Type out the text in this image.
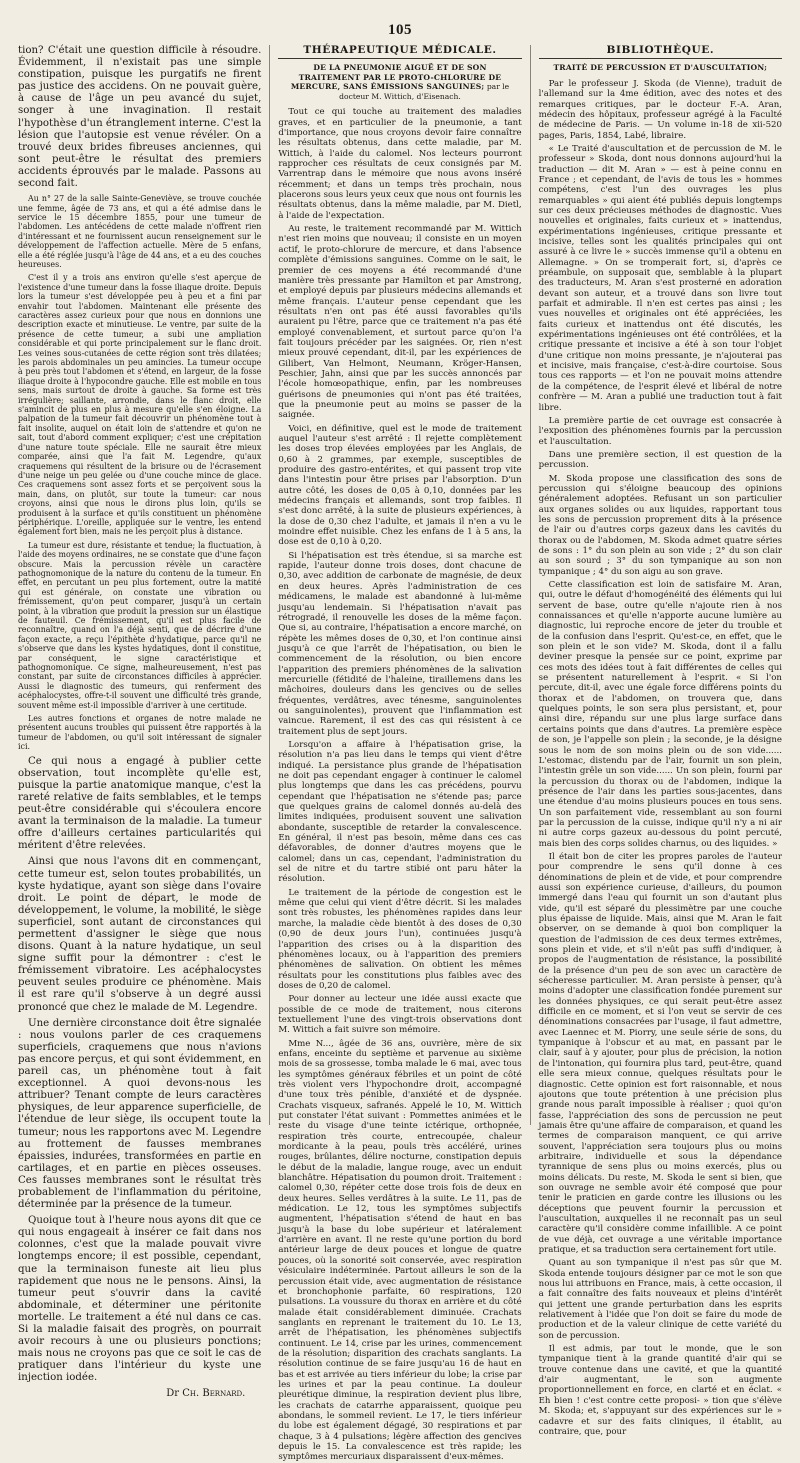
105

tion? C'était une question difficile à résoudre. Évidemment, il n'existait pas une simple constipation, puisque les purgatifs ne firent pas justice des accidens. On ne pouvait guère, à cause de l'âge un peu avancé du sujet, songer à une invagination. Il restait l'hypothèse d'un étranglement interne. C'est la lésion que l'autopsie est venue révéler. On a trouvé deux brides fibreuses anciennes, qui sont peut-être le résultat des premiers accidents éprouvés par le malade. Passons au second fait.

Au n° 27 de la salle Sainte-Geneviève, se trouve couchée une femme, âgée de 73 ans, et qui a été admise dans le service le 15 décembre 1855, pour une tumeur de l'abdomen. Les antécédens de cette malade n'offrent rien d'intéressant et ne fournissent aucun renseignement sur le développement de l'affection actuelle. Mère de 5 enfans, elle a été réglée jusqu'à l'âge de 44 ans, et a eu des couches heureuses.

C'est il y a trois ans environ qu'elle s'est aperçue de l'existence d'une tumeur dans la fosse iliaque droite. Depuis lors la tumeur s'est développée peu à peu et a fini par envahir tout l'abdomen. Maintenant elle présente des caractères assez curieux pour que nous en donnions une description exacte et minutieuse. Le ventre, par suite de la présence de cette tumeur, a subi une ampliation considérable et qui porte principalement sur le flanc droit. Les veines sous-cutanées de cette région sont très dilatées; les parois abdominales un peu amincies. La tumeur occupe à peu près tout l'abdomen et s'étend, en largeur, de la fosse iliaque droite à l'hypocondre gauche. Elle est mobile en tous sens, mais surtout de droite à gauche. Sa forme est très irrégulière; saillante, arrondie, dans le flanc droit, elle s'amincit de plus en plus à mesure qu'elle s'en éloigne. La palpation de la tumeur fait découvrir un phénomène tout à fait insolite, auquel on était loin de s'attendre et qu'on ne sait, tout d'abord comment expliquer; c'est une crépitation d'une nature toute spéciale. Elle ne saurait être mieux comparée, ainsi que l'a fait M. Legendre, qu'aux craquemens qui résultent de la brisure ou de l'écrasement d'une neige un peu gelée ou d'une couche mince de glace. Ces craquemens sont assez forts et se perçoivent sous la main, dans, on plutôt, sur toute la tumeur: car nous croyons, ainsi que nous le dirons plus loin, qu'ils se produisent à la surface et qu'ils constituent un phénomène périphérique. L'oreille, appliquée sur le ventre, les entend également fort bien, mais ne les perçoit plus à distance.

La tumeur est dure, résistante et tendue; la fluctuation, à l'aide des moyens ordinaires, ne se constate que d'une façon obscure. Mais la percussion révèle un caractère pathognomonique de la nature du contenu de la tumeur. En effet, en percutant un peu plus fortement, outre la matité qui est générale, on constate une vibration ou frémissement, qu'on peut comparer, jusqu'à un certain point, à la vibration que produit la pression sur un élastique de fauteuil. Ce frémissement, qu'il est plus facile de reconnaître, quand on l'a déjà senti, que de décrire d'une façon exacte, a reçu l'épithète d'hydatique, parce qu'il ne s'observe que dans les kystes hydatiques, dont il constitue, par conséquent, le signe caractéristique et pathognomonique. Ce signe, malheureusement, n'est pas constant, par suite de circonstances difficiles à apprécier. Aussi le diagnostic des tumeurs, qui renferment des acéphalocystes, offre-t-il souvent une difficulté très grande, souvent même est-il impossible d'arriver à une certitude.

Les autres fonctions et organes de notre malade ne présentent aucuns troubles qui puissent être rapportés à la tumeur de l'abdomen, ou qu'il soit intéressant de signaler ici.

Ce qui nous a engagé à publier cette observation, tout incomplète qu'elle est, puisque la partie anatomique manque, c'est la rareté relative de faits semblables, et le temps peut-être considérable qui s'écoulera encore avant la terminaison de la maladie. La tumeur offre d'ailleurs certaines particularités qui méritent d'être relevées.

Ainsi que nous l'avons dit en commençant, cette tumeur est, selon toutes probabilités, un kyste hydatique, ayant son siège dans l'ovaire droit. Le point de départ, le mode de développement, le volume, la mobilité, le siège superficiel, sont autant de circonstances qui permettent d'assigner le siège que nous disons. Quant à la nature hydatique, un seul signe suffit pour la démontrer : c'est le frémissement vibratoire. Les acéphalocystes peuvent seules produire ce phénomène. Mais il est rare qu'il s'observe à un degré aussi prononcé que chez le malade de M. Legendre.

Une dernière circonstance doit être signalée : nous voulons parler de ces craquemens superficiels, craquemens que nous n'avions pas encore perçus, et qui sont évidemment, en pareil cas, un phénomène tout à fait exceptionnel. A quoi devons-nous les attribuer? Tenant compte de leurs caractères physiques, de leur apparence superficielle, de l'étendue de leur siège, ils occupent toute la tumeur; nous les rapportons avec M. Legendre au frottement de fausses membranes épaissies, indurées, transformées en partie en cartilages, et en partie en pièces osseuses. Ces fausses membranes sont le résultat très probablement de l'inflammation du péritoine, déterminée par la présence de la tumeur.

Quoique tout à l'heure nous ayons dit que ce qui nous engageait à insérer ce fait dans nos colonnes, c'est que la malade pouvait vivre longtemps encore; il est possible, cependant, que la terminaison funeste ait lieu plus rapidement que nous ne le pensons. Ainsi, la tumeur peut s'ouvrir dans la cavité abdominale, et déterminer une péritonite mortelle. Le traitement a été nul dans ce cas. Si la maladie faisait des progrès, on pourrait avoir recours à une ou plusieurs ponctions; mais nous ne croyons pas que ce soit le cas de pratiquer dans l'intérieur du kyste une injection iodée.

Dr Ch. Bernard.
THÉRAPEUTIQUE MÉDICALE.
DE LA PNEUMONIE AIGUË ET DE SON TRAITEMENT PAR LE PROTO-CHLORURE DE MERCURE, SANS ÉMISSIONS SANGUINES; par le docteur M. Wittich, d'Eisenach.

Tout ce qui touche au traitement des maladies graves, et en particulier de la pneumonie, a tant d'importance, que nous croyons devoir faire connaître les résultats obtenus, dans cette maladie, par M. Wittich, à l'aide du calomel. Nos lecteurs pourront rapprocher ces résultats de ceux consignés par M. Varrentrap dans le mémoire que nous avons inséré récemment; et dans un temps très prochain, nous placerons sous leurs yeux ceux que nous ont fournis les résultats obtenus, dans la même maladie, par M. Dietl, à l'aide de l'expectation.

Au reste, le traitement recommandé par M. Wittich n'est rien moins que nouveau; il consiste en un moyen actif, le proto-chlorure de mercure, et dans l'absence complète d'émissions sanguines. Comme on le sait, le premier de ces moyens a été recommandé d'une manière très pressante par Hamilton et par Amstrong, et employé depuis par plusieurs médecins allemands et même français. L'auteur pense cependant que les résultats n'en ont pas été aussi favorables qu'ils auraient pu l'être, parce que ce traitement n'a pas été employé convenablement, et surtout parce qu'on l'a fait toujours précéder par les saignées. Or, rien n'est mieux prouvé cependant, dit-il, par les expériences de Gilibert, Van Helmont, Neumann, Kröger-Hansen, Peschier, Jahn, ainsi que par les succès annoncés par l'école homœopathique, enfin, par les nombreuses guérisons de pneumonies qui n'ont pas été traitées, que la pneumonie peut au moins se passer de la saignée.

Voici, en définitive, quel est le mode de traitement auquel l'auteur s'est arrêté : Il rejette complètement les doses trop élevées employées par les Anglais, de 0,60 à 2 grammes, par exemple, susceptibles de produire des gastro-entérites, et qui passent trop vite dans l'intestin pour être prises par l'absorption. D'un autre côté, les doses de 0,05 à 0,10, données par les médecins français et allemands, sont trop faibles. Il s'est donc arrêté, à la suite de plusieurs expériences, à la dose de 0,30 chez l'adulte, et jamais il n'en a vu le moindre effet nuisible. Chez les enfans de 1 à 5 ans, la dose est de 0,10 à 0,20.

Si l'hépatisation est très étendue, si sa marche est rapide, l'auteur donne trois doses, dont chacune de 0,30, avec addition de carbonate de magnésie, de deux en deux heures. Après l'administration de ces médicamens, le malade est abandonné à lui-même jusqu'au lendemain. Si l'hépatisation n'avait pas rétrogradé, il renouvelle les doses de la même façon. Que si, au contraire, l'hépatisation a encore marché, on répète les mêmes doses de 0,30, et l'on continue ainsi jusqu'à ce que l'arrêt de l'hépatisation, ou bien le commencement de la résolution, ou bien encore l'apparition des premiers phénomènes de la salivation mercurielle (fétidité de l'haleine, tiraillemens dans les mâchoires, douleurs dans les gencives ou de selles fréquentes, verdâtres, avec ténesme, sanguinolentes ou sanguinolentes), prouvent que l'inflammation est vaincue. Rarement, il est des cas qui résistent à ce traitement plus de sept jours.

Lorsqu'on a affaire à l'hépatisation grise, la résolution n'a pas lieu dans le temps qui vient d'être indiqué. La persistance plus grande de l'hépatisation ne doit pas cependant engager à continuer le calomel plus longtemps que dans les cas précédens, pourvu cependant que l'hépatisation ne s'étende pas; parce que quelques grains de calomel donnés au-delà des limites indiquées, produisent souvent une salivation abondante, susceptible de retarder la convalescence. En général, il n'est pas besoin, même dans ces cas défavorables, de donner d'autres moyens que le calomel; dans un cas, cependant, l'administration du sel de nitre et du tartre stibié ont paru hâter la résolution.

Le traitement de la période de congestion est le même que celui qui vient d'être décrit. Si les malades sont très robustes, les phénomènes rapides dans leur marche, la maladie cède bientôt à des doses de 0,30 (0,90 de deux jours l'un), continuées jusqu'à l'apparition des crises ou à la disparition des phénomènes locaux, ou à l'apparition des premiers phénomènes de salivation. On obtient les mêmes résultats pour les constitutions plus faibles avec des doses de 0,20 de calomel.

Pour donner au lecteur une idée aussi exacte que possible de ce mode de traitement, nous citerons textuellement l'une des vingt-trois observations dont M. Wittich a fait suivre son mémoire.

Mme N..., âgée de 36 ans, ouvrière, mère de six enfans, enceinte du septième et parvenue au sixième mois de sa grossesse, tomba malade le 6 mai, avec tous les symptômes généraux fébriles et un point de côté très violent vers l'hypochondre droit, accompagné d'une toux très pénible, d'anxiété et de dyspnée. Crachats visqueux, safranés. Appelé le 10, M. Wittich put constater l'état suivant : Pommettes animées et le reste du visage d'une teinte ictérique, orthopnée, respiration très courte, entrecoupée, chaleur mordicante à la peau, pouls très accéléré, urines rouges, brûlantes, délire nocturne, constipation depuis le début de la maladie, langue rouge, avec un enduit blanchâtre. Hépatisation du poumon droit. Traitement : calomel 0,30, répéter cette dose trois fois de deux en deux heures. Selles verdâtres à la suite. Le 11, pas de médication. Le 12, tous les symptômes subjectifs augmentent, l'hépatisation s'étend de haut en bas jusqu'à la base du lobe supérieur et latéralement d'arrière en avant. Il ne reste qu'une portion du bord antérieur large de deux pouces et longue de quatre pouces, où la sonorité soit conservée, avec respiration vésiculaire indéterminée. Partout ailleurs le son de la percussion était vide, avec augmentation de résistance et bronchophonie parfaite, 60 respirations, 120 pulsations. La voussure du thorax en arrière et du côté malade était considérablement diminuée. Crachats sanglants en reprenant le traitement du 10. Le 13, arrêt de l'hépatisation, les phénomènes subjectifs continuent. Le 14, crise par les urines, commencement de la résolution; disparition des crachats sanglants. La résolution continue de se faire jusqu'au 16 de haut en bas et est arrivée au tiers inférieur du lobe; la crise par les urines et par la peau continue. La douleur pleurétique diminue, la respiration devient plus libre, les crachats de catarrhe apparaissent, quoique peu abondans, le sommeil revient. Le 17, le tiers inférieur du lobe est également dégagé, 30 respirations et par chaque, 3 à 4 pulsations; légère affection des gencives depuis le 15. La convalescence est très rapide; les symptômes mercuriaux disparaissent d'eux-mêmes.

BIBLIOTHÈQUE.
TRAITÉ DE PERCUSSION ET D'AUSCULTATION;

Par le professeur J. Skoda (de Vienne), traduit de l'allemand sur la 4me édition, avec des notes et des remarques critiques, par le docteur F.-A. Aran, médecin des hôpitaux, professeur agrégé à la Faculté de médecine de Paris. — Un volume in-18 de xii-520 pages, Paris, 1854, Labé, libraire.

« Le Traité d'auscultation et de percussion de M. le professeur » Skoda, dont nous donnons aujourd'hui la traduction — dit M. Aran » — est à peine connu en France ; et cependant, de l'avis de tous les » hommes compétens, c'est l'un des ouvrages les plus remarquables » qui aient été publiés depuis longtemps sur ces deux précieuses méthodes de diagnostic. Vues nouvelles et originales, faits curieux et » inattendus, expérimentations ingénieuses, critique pressante et incisive, telles sont les qualités principales qui ont assuré à ce livre le » succès immense qu'il a obtenu en Allemagne. » On se tromperait fort, si, d'après ce préambule, on supposait que, semblable à la plupart des traducteurs, M. Aran s'est prosterné en adoration devant son auteur, et a trouvé dans son livre tout parfait et admirable. Il n'en est certes pas ainsi ; les vues nouvelles et originales ont été appréciées, les faits curieux et inattendus ont été discutés, les expérimentations ingénieuses ont été contrôlées, et la critique pressante et incisive a été à son tour l'objet d'une critique non moins pressante, je n'ajouterai pas et incisive, mais française, c'est-à-dire courtoise. Sous tous ces rapports — et l'on ne pouvait moins attendre de la compétence, de l'esprit élevé et libéral de notre confrère — M. Aran a publié une traduction tout à fait libre.

La première partie de cet ouvrage est consacrée à l'exposition des phénomènes fournis par la percussion et l'auscultation.

Dans une première section, il est question de la percussion.

M. Skoda propose une classification des sons de percussion qui s'éloigne beaucoup des opinions généralement adoptées. Refusant un son particulier aux organes solides ou aux liquides, rapportant tous les sons de percussion proprement dits à la présence de l'air ou d'autres corps gazeux dans les cavités du thorax ou de l'abdomen, M. Skoda admet quatre séries de sons : 1° du son plein au son vide ; 2° du son clair au son sourd ; 3° du son tympanique au son non tympanique ; 4° du son aigu au son grave.

Cette classification est loin de satisfaire M. Aran, qui, outre le défaut d'homogénéité des éléments qui lui servent de base, outre qu'elle n'ajoute rien à nos connaissances et qu'elle n'apporte aucune lumière au diagnostic, lui reproche encore de jeter du trouble et de la confusion dans l'esprit. Qu'est-ce, en effet, que le son plein et le son vide? M. Skoda, dont il a fallu deviner presque la pensée sur ce point, exprime par ces mots des idées tout à fait différentes de celles qui se présentent naturellement à l'esprit. « Si l'on percute, dit-il, avec une égale force différens points du thorax et de l'abdomen, on trouvera que, dans quelques points, le son sera plus persistant, et, pour ainsi dire, répandu sur une plus large surface dans certains points que dans d'autres. La première espèce de son, je l'appelle son plein ; la seconde, je la désigne sous le nom de son moins plein ou de son vide...... L'estomac, distendu par de l'air, fournit un son plein, l'intestin grêle un son vide...... Un son plein, fourni par la percussion du thorax ou de l'abdomen, indique la présence de l'air dans les parties sous-jacentes, dans une étendue d'au moins plusieurs pouces en tous sens. Un son parfaitement vide, ressemblant au son fourni par la percussion de la cuisse, indique qu'il n'y a ni air ni autre corps gazeux au-dessous du point percuté, mais bien des corps solides charnus, ou des liquides. »

Il était bon de citer les propres paroles de l'auteur pour comprendre le sens qu'il donne à ces dénominations de plein et de vide, et pour comprendre aussi son expérience curieuse, d'ailleurs, du poumon immergé dans l'eau qui fournit un son d'autant plus vide, qu'il est séparé du plessimètre par une couche plus épaisse de liquide. Mais, ainsi que M. Aran le fait observer, on se demande à quoi bon compliquer la question de l'admission de ces deux termes extrêmes, sons plein et vide, et s'il n'eût pas suffi d'indiquer, à propos de l'augmentation de résistance, la possibilité de la présence d'un peu de son avec un caractère de sécheresse particulier. M. Aran persiste à penser, qu'à moins d'adopter une classification fondée purement sur les données physiques, ce qui serait peut-être assez difficile en ce moment, et si l'on veut se servir de ces dénominations consacrées par l'usage, il faut admettre, avec Laennec et M. Piorry, une seule série de sons, du tympanique à l'obscur et au mat, en passant par le clair, sauf à y ajouter, pour plus de précision, la notion de l'intonation, qui fournira plus tard, peut-être, quand elle sera mieux connue, quelques résultats pour le diagnostic. Cette opinion est fort raisonnable, et nous ajoutons que toute prétention à une précision plus grande nous paraît impossible à réaliser ; quoi qu'on fasse, l'appréciation des sons de percussion ne peut jamais être qu'une affaire de comparaison, et quand les termes de comparaison manquent, ce qui arrive souvent, l'appréciation sera toujours plus ou moins arbitraire, individuelle et sous la dépendance tyrannique de sens plus ou moins exercés, plus ou moins délicats. Du reste, M. Skoda le sent si bien, que son ouvrage ne semble avoir été composé que pour tenir le praticien en garde contre les illusions ou les déceptions que peuvent fournir la percussion et l'auscultation, auxquelles il ne reconnaît pas un seul caractère qu'il considère comme infaillible. A ce point de vue déjà, cet ouvrage a une véritable importance pratique, et sa traduction sera certainement fort utile.

Quant au son tympanique il n'est pas sûr que M. Skoda entende toujours désigner par ce mot le son que nous lui attribuons en France, mais, à cette occasion, il a fait connaître des faits nouveaux et pleins d'intérêt qui jettent une grande perturbation dans les esprits relativement à l'idée que l'on doit se faire du mode de production et de la valeur clinique de cette variété du son de percussion.

Il est admis, par tout le monde, que le son tympanique tient à la grande quantité d'air qui se trouve contenue dans une cavité, et que la quantité d'air augmentant, le son augmente proportionnellement en force, en clarté et en éclat. « Eh bien ! c'est contre cette proposi- » tion que s'élève M. Skoda; et, s'appuyant sur des expériences sur le » cadavre et sur des faits cliniques, il établit, au contraire, que, pour
